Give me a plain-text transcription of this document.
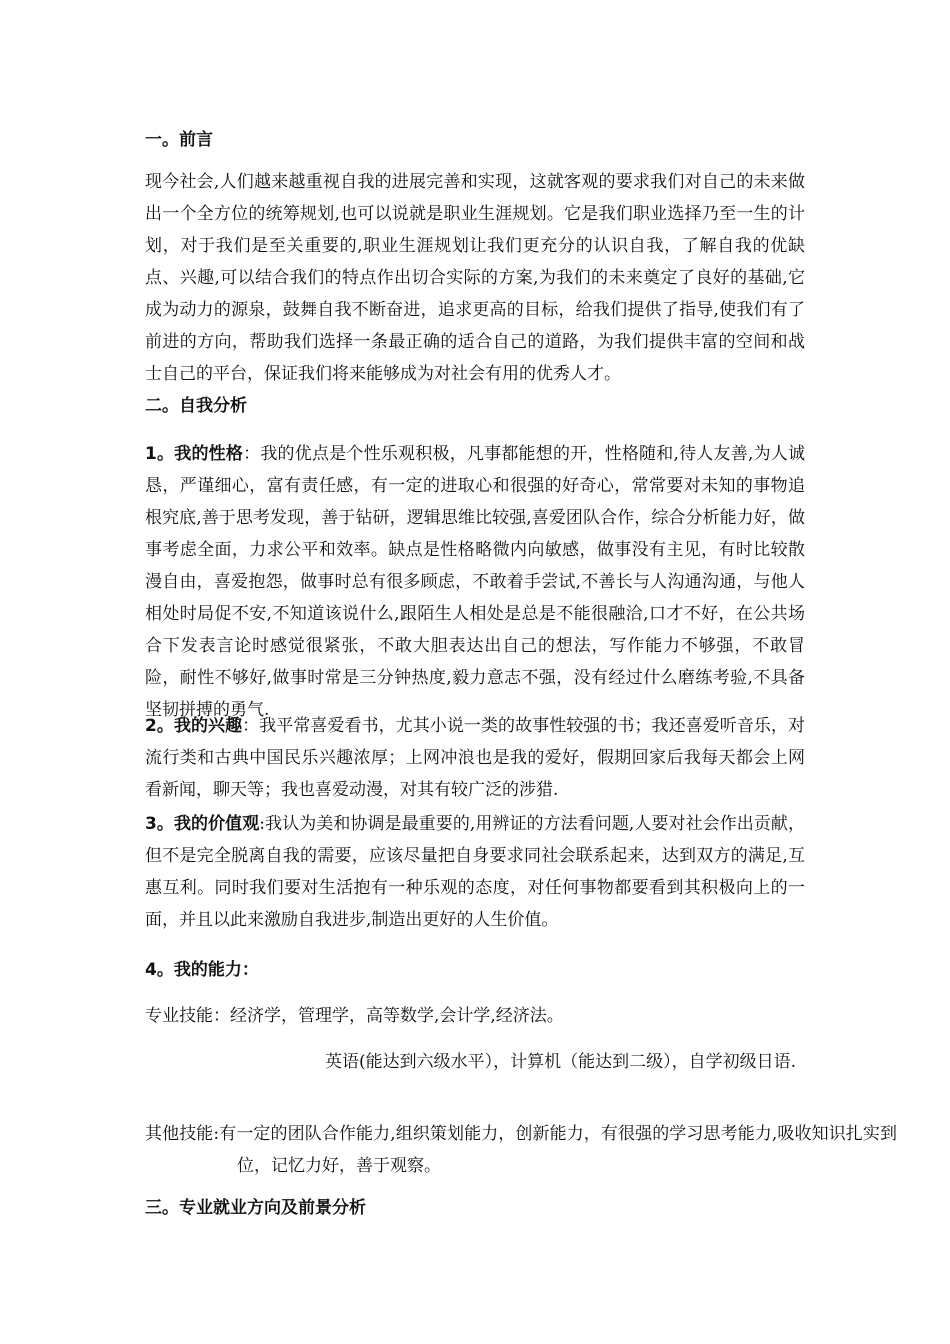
一。前言

现今社会,人们越来越重视自我的进展完善和实现，这就客观的要求我们对自己的未来做出一个全方位的统筹规划,也可以说就是职业生涯规划。它是我们职业选择乃至一生的计划，对于我们是至关重要的,职业生涯规划让我们更充分的认识自我，了解自我的优缺点、兴趣,可以结合我们的特点作出切合实际的方案,为我们的未来奠定了良好的基础,它成为动力的源泉，鼓舞自我不断奋进，追求更高的目标，给我们提供了指导,使我们有了前进的方向，帮助我们选择一条最正确的适合自己的道路，为我们提供丰富的空间和战士自己的平台，保证我们将来能够成为对社会有用的优秀人才。

二。自我分析

1。我的性格：我的优点是个性乐观积极，凡事都能想的开，性格随和,待人友善,为人诚恳，严谨细心，富有责任感，有一定的进取心和很强的好奇心，常常要对未知的事物追根究底,善于思考发现，善于钻研，逻辑思维比较强,喜爱团队合作，综合分析能力好，做事考虑全面，力求公平和效率。缺点是性格略微内向敏感，做事没有主见，有时比较散漫自由，喜爱抱怨，做事时总有很多顾虑，不敢着手尝试,不善长与人沟通沟通，与他人相处时局促不安,不知道该说什么,跟陌生人相处是总是不能很融洽,口才不好，在公共场合下发表言论时感觉很紧张，不敢大胆表达出自己的想法，写作能力不够强，不敢冒险，耐性不够好,做事时常是三分钟热度,毅力意志不强，没有经过什么磨练考验,不具备坚韧拼搏的勇气.

2。我的兴趣：我平常喜爱看书，尤其小说一类的故事性较强的书；我还喜爱听音乐，对流行类和古典中国民乐兴趣浓厚；上网冲浪也是我的爱好，假期回家后我每天都会上网看新闻，聊天等；我也喜爱动漫，对其有较广泛的涉猎.

3。我的价值观:我认为美和协调是最重要的,用辨证的方法看问题,人要对社会作出贡献，但不是完全脱离自我的需要，应该尽量把自身要求同社会联系起来，达到双方的满足,互惠互利。同时我们要对生活抱有一种乐观的态度，对任何事物都要看到其积极向上的一面，并且以此来激励自我进步,制造出更好的人生价值。

4。我的能力：

专业技能：经济学，管理学，高等数学,会计学,经济法。

英语(能达到六级水平），计算机（能达到二级），自学初级日语.

其他技能:有一定的团队合作能力,组织策划能力，创新能力，有很强的学习思考能力,吸收知识扎实到位，记忆力好，善于观察。

三。专业就业方向及前景分析
